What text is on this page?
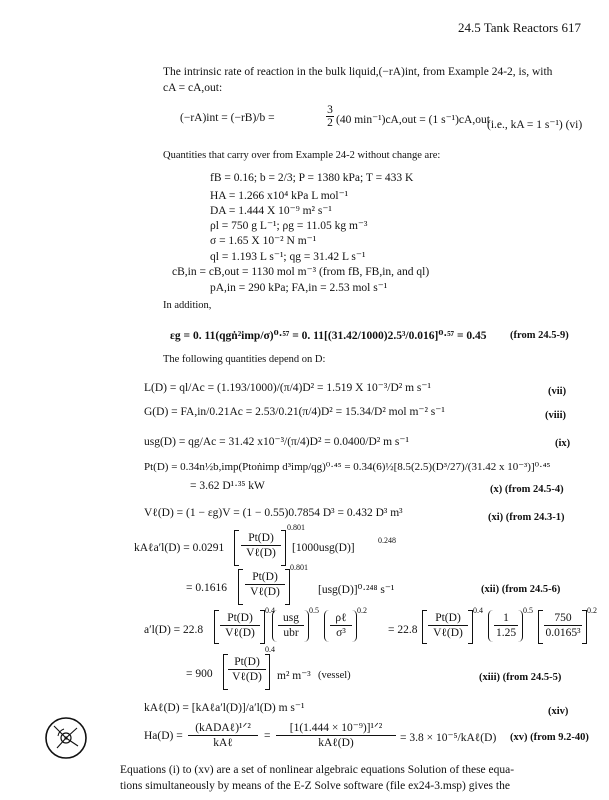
24.5 Tank Reactors 617
The intrinsic rate of reaction in the bulk liquid,(−rA)int, from Example 24-2, is, with
cA = cA,out:
(−rA)int = (−rB)/b =	$\frac{3}{2} (40$ min⁻¹)cA,out = (1 s⁻¹)cA,out
(i.e., kA = 1 s⁻¹) (vi)
Quantities that carry over from Example 24-2 without change are:
fB = 0.16; b = 2/3; P = 1380 kPa; T = 433 K
HA = 1.266 x10⁴ kPa L mol⁻¹
DA = 1.444 X 10⁻⁹ m² s⁻¹
ρl = 750 g L⁻¹; ρg = 11.05 kg m⁻³
σ = 1.65 X 10⁻² N m⁻¹
ql = 1.193 L s⁻¹; qg = 31.42 L s⁻¹
cB,in = cB,out = 1130 mol m⁻³ (from fB, FB,in, and ql)
pA,in = 290 kPa; FA,in = 2.53 mol s⁻¹
In addition,
εg = 0. 11(qgṅ²imp/σ)⁰·⁵⁷ = 0. 11[(31.42/1000)2.5³/0.016]⁰·⁵⁷ = 0.45 (from 24.5-9)
The following quantities depend on D:
L(D) = ql/Ac = (1.193/1000)/(π/4)D² = 1.519 X 10⁻³/D² m s⁻¹	(vii)
G(D) = FA,in/0.21Ac = 2.53/0.21(π/4)D² = 15.34/D² mol m⁻² s⁻¹	(viii)
usg(D) = qg/Ac = 31.42 x10⁻³/(π/4)D² = 0.0400/D² m s⁻¹	(ix)
Pt(D) = 0.34n½b,imp(Ptoṅimp d³imp/qg)⁰·⁴⁵ = 0.34(6)½[8.5(2.5)(D³/27)/(31.42 x 10⁻³)]⁰·⁴⁵
= 3.62 D¹·³⁵ kW	(x) (from 24.5-4)
Vℓ(D) = (1 − εg)V = (1 − 0.55)0.7854 D³ = 0.432 D³ m³	(xi) (from 24.3-1)
kAℓa′l(D) = 0.0291
Pt(D)
Vℓ(D)
0.801
[1000usg(D)]
0.248
= 0.1616
Pt(D)
Vℓ(D)
0.801
[usg(D)]⁰·²⁴⁸ s⁻¹	(xii) (from 24.5-6)
a′l(D) = 22.8
Pt(D)
Vℓ(D)
0.4
usg
ubr
0.5
ρℓ
σ³
0.2
Pt(D)
Vℓ(D)
0.4
$\frac{1}{1.25}$
0.5
$\frac{750}{\text{0.0165³}}$
0.2
= 22.8
= 900
Pt(D)
Vℓ(D)
0.4
m² m⁻³ (vessel)	(xiii) (from 24.5-5)
kAℓ(D) = [kAℓa′l(D)]/a′l(D) m s⁻¹	(xiv)
Ha(D) =
(kADAℓ)¹ᐟ²
kAℓ
=
[1(1.444 × 10⁻⁹)]¹ᐟ²
kAℓ(D)	= 3.8 × 10⁻⁵/kAℓ(D) (xv) (from 9.2-40)
Equations (i) to (xv) are a set of nonlinear algebraic equations Solution of these equa-
tions simultaneously by means of the E-Z Solve software (file ex24-3.msp) gives the
